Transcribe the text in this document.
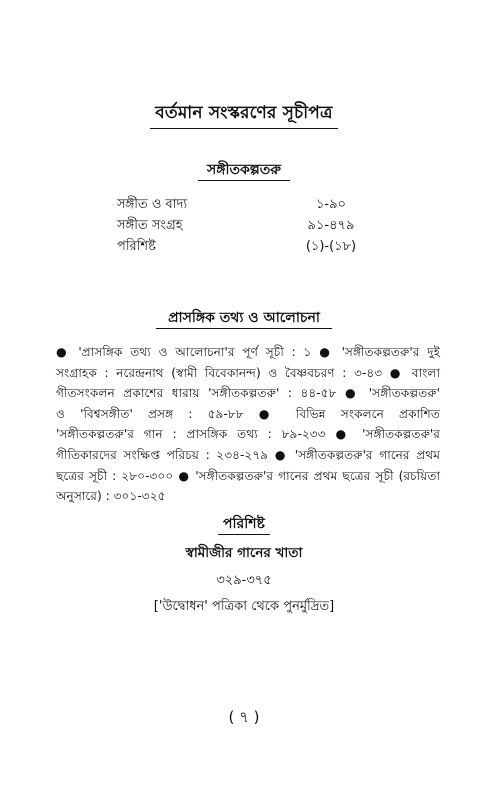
বর্তমান সংস্করণের সূচীপত্র
সঙ্গীতকল্পতরু
সঙ্গীত ও বাদ্য	১-৯০
সঙ্গীত সংগ্রহ	৯১-৪৭৯
পরিশিষ্ট	(১)-(১৮)
প্রাসঙ্গিক তথ্য ও আলোচনা
● 'প্রাসঙ্গিক তথ্য ও আলোচনা'র পূর্ণ সূচী : ১ ● 'সঙ্গীতকল্পতরু'র দুই
সংগ্রাহক : নরেন্দ্রনাথ (স্বামী বিবেকানন্দ) ও বৈষ্ণবচরণ : ৩-৪৩ ● বাংলা
গীতসংকলন প্রকাশের ধারায় 'সঙ্গীতকল্পতরু' : ৪৪-৫৮ ● 'সঙ্গীতকল্পতরু'
ও 'বিশ্বসঙ্গীত' প্রসঙ্গ : ৫৯-৮৮ ● বিভিন্ন সংকলনে প্রকাশিত
'সঙ্গীতকল্পতরু'র গান : প্রাসঙ্গিক তথ্য : ৮৯-২৩৩ ● 'সঙ্গীতকল্পতরু'র
গীতিকারদের সংক্ষিপ্ত পরিচয় : ২৩৪-২৭৯ ● 'সঙ্গীতকল্পতরু'র গানের প্রথম
ছত্রের সূচী : ২৮০-৩০০ ● 'সঙ্গীতকল্পতরু'র গানের প্রথম ছত্রের সূচী (রচয়িতা
অনুসারে) : ৩০১-৩২৫
পরিশিষ্ট
স্বামীজীর গানের খাতা
৩২৯-৩৭৫
['উদ্বোধন' পত্রিকা থেকে পুনর্মুদ্রিত]
( ৭ )
